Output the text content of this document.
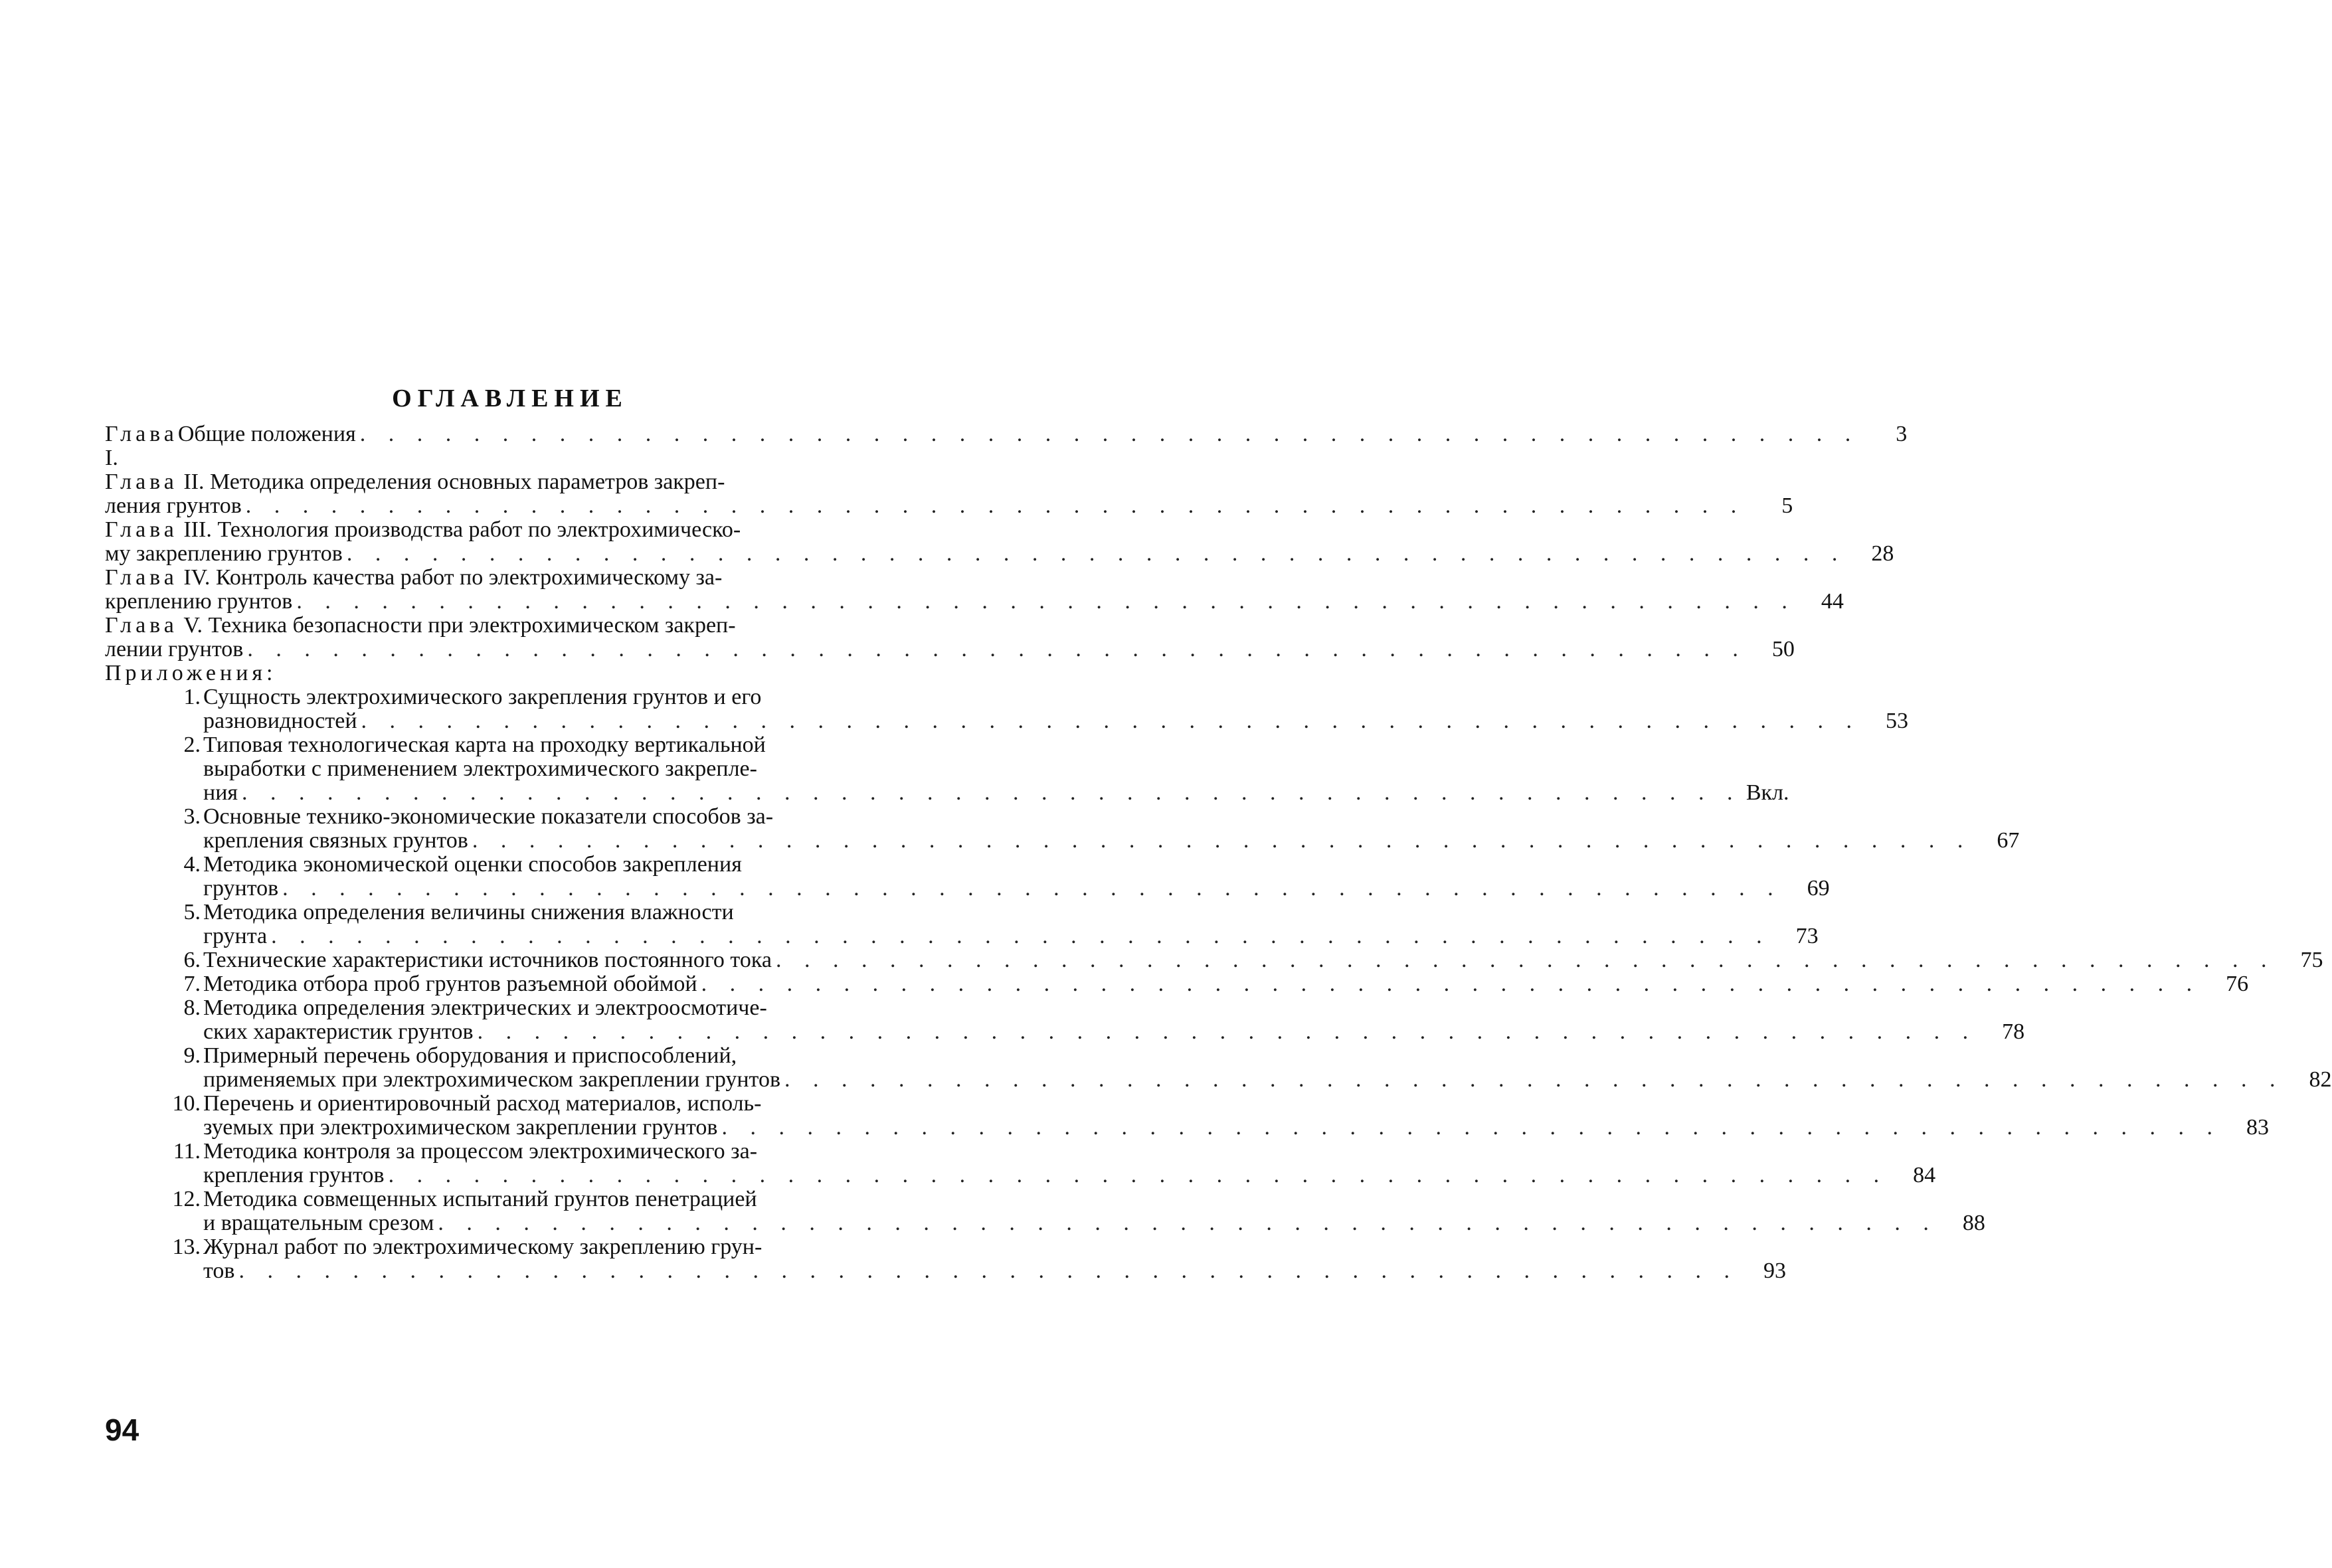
ОГЛАВЛЕНИЕ
Глава I.
Общие положения . . . . . . . . . . . . . . . . . . . . . . . . . . . . . . . . . . . . . . . . . . . . . . . . . . . . .	3
Глава II. Методика определения основных параметров закреп-
ления грунтов . . . . . . . . . . . . . . . . . . . . . . . . . . . . . . . . . . . . . . . . . . . . . . . . . . . . .	5
Глава III. Технология производства работ по электрохимическо-
му закреплению грунтов . . . . . . . . . . . . . . . . . . . . . . . . . . . . . . . . . . . . . . . . . . . . . . . . . . . . .	28
Глава IV. Контроль качества работ по электрохимическому за-
креплению грунтов . . . . . . . . . . . . . . . . . . . . . . . . . . . . . . . . . . . . . . . . . . . . . . . . . . . . .	44
Глава V. Техника безопасности при электрохимическом закреп-
лении грунтов . . . . . . . . . . . . . . . . . . . . . . . . . . . . . . . . . . . . . . . . . . . . . . . . . . . . .	50
Приложения:
1. Сущность электрохимического закрепления грунтов и его
разновидностей . . . . . . . . . . . . . . . . . . . . . . . . . . . . . . . . . . . . . . . . . . . . . . . . . . . . .	53
2. Типовая технологическая карта на проходку вертикальной
выработки с применением электрохимического закрепле-
ния . . . . . . . . . . . . . . . . . . . . . . . . . . . . . . . . . . . . . . . . . . . . . . . . . . . . . Вкл.
3. Основные технико-экономические показатели способов за-
крепления связных грунтов . . . . . . . . . . . . . . . . . . . . . . . . . . . . . . . . . . . . . . . . . . . . . . . . . . . . .	67
4. Методика экономической оценки способов закрепления
грунтов . . . . . . . . . . . . . . . . . . . . . . . . . . . . . . . . . . . . . . . . . . . . . . . . . . . . .	69
5. Методика определения величины снижения влажности
грунта . . . . . . . . . . . . . . . . . . . . . . . . . . . . . . . . . . . . . . . . . . . . . . . . . . . . .	73
6. Технические характеристики источников постоянного тока . . . . . . . . . . . . . . . . . . . . . . . . . . . . . . . . . . . . . . . . . . . . . . . . . . . . .	75
7. Методика отбора проб грунтов разъемной обоймой . . . . . . . . . . . . . . . . . . . . . . . . . . . . . . . . . . . . . . . . . . . . . . . . . . . . .	76
8. Методика определения электрических и электроосмотиче-
ских характеристик грунтов . . . . . . . . . . . . . . . . . . . . . . . . . . . . . . . . . . . . . . . . . . . . . . . . . . . . .	78
9. Примерный перечень оборудования и приспособлений,
применяемых при электрохимическом закреплении грунтов . . . . . . . . . . . . . . . . . . . . . . . . . . . . . . . . . . . . . . . . . . . . . . . . . . . . .	82
10. Перечень и ориентировочный расход материалов, исполь-
зуемых при электрохимическом закреплении грунтов . . . . . . . . . . . . . . . . . . . . . . . . . . . . . . . . . . . . . . . . . . . . . . . . . . . . .	83
11. Методика контроля за процессом электрохимического за-
крепления грунтов . . . . . . . . . . . . . . . . . . . . . . . . . . . . . . . . . . . . . . . . . . . . . . . . . . . . .	84
12. Методика совмещенных испытаний грунтов пенетрацией
и вращательным срезом . . . . . . . . . . . . . . . . . . . . . . . . . . . . . . . . . . . . . . . . . . . . . . . . . . . . .	88
13. Журнал работ по электрохимическому закреплению грун-
тов . . . . . . . . . . . . . . . . . . . . . . . . . . . . . . . . . . . . . . . . . . . . . . . . . . . . .	93
94
